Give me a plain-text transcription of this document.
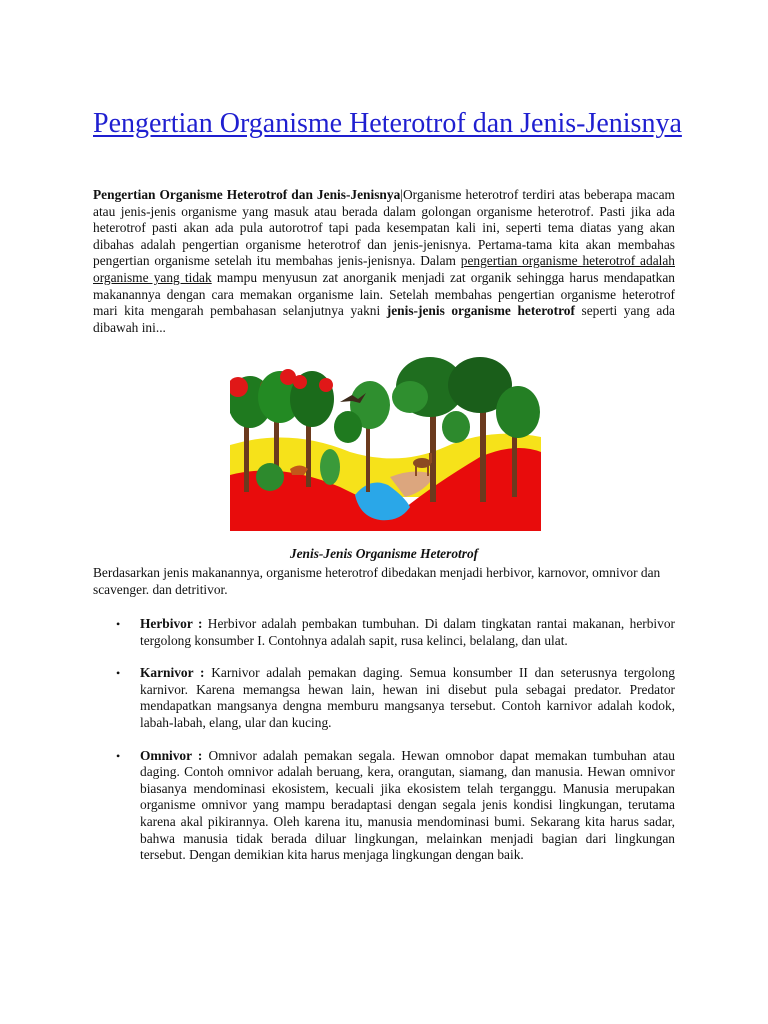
Pengertian Organisme Heterotrof dan Jenis-Jenisnya

Pengertian Organisme Heterotrof dan Jenis-Jenisnya|Organisme heterotrof terdiri atas beberapa macam atau jenis-jenis organisme yang masuk atau berada dalam golongan organisme heterotrof. Pasti jika ada heterotrof pasti akan ada pula autorotrof tapi pada kesempatan kali ini, seperti tema diatas yang akan dibahas adalah pengertian organisme heterotrof dan jenis-jenisnya. Pertama-tama kita akan membahas pengertian organisme setelah itu membahas jenis-jenisnya. Dalam pengertian organisme heterotrof adalah organisme yang tidak mampu menyusun zat anorganik menjadi zat organik sehingga harus mendapatkan makanannya dengan cara memakan organisme lain. Setelah membahas pengertian organisme heterotrof mari kita mengarah pembahasan selanjutnya yakni jenis-jenis organisme heterotrof seperti yang ada dibawah ini...

Jenis-Jenis Organisme Heterotrof

Berdasarkan jenis makanannya, organisme heterotrof dibedakan menjadi herbivor, karnovor, omnivor dan scavenger. dan detritivor.

• Herbivor : Herbivor adalah pembakan tumbuhan. Di dalam tingkatan rantai makanan, herbivor tergolong konsumber I. Contohnya adalah sapit, rusa kelinci, belalang, dan ulat.
• Karnivor : Karnivor adalah pemakan daging. Semua konsumber II dan seterusnya tergolong karnivor. Karena memangsa hewan lain, hewan ini disebut pula sebagai predator. Predator mendapatkan mangsanya dengna memburu mangsanya tersebut. Contoh karnivor adalah kodok, labah-labah, elang, ular dan kucing.
• Omnivor : Omnivor adalah pemakan segala. Hewan omnobor dapat memakan tumbuhan atau daging. Contoh omnivor adalah beruang, kera, orangutan, siamang, dan manusia. Hewan omnivor biasanya mendominasi ekosistem, kecuali jika ekosistem telah terganggu. Manusia merupakan organisme omnivor yang mampu beradaptasi dengan segala jenis kondisi lingkungan, terutama karena akal pikirannya. Oleh karena itu, manusia mendominasi bumi. Sekarang kita harus sadar, bahwa manusia tidak berada diluar lingkungan, melainkan menjadi bagian dari lingkungan tersebut. Dengan demikian kita harus menjaga lingkungan dengan baik.
